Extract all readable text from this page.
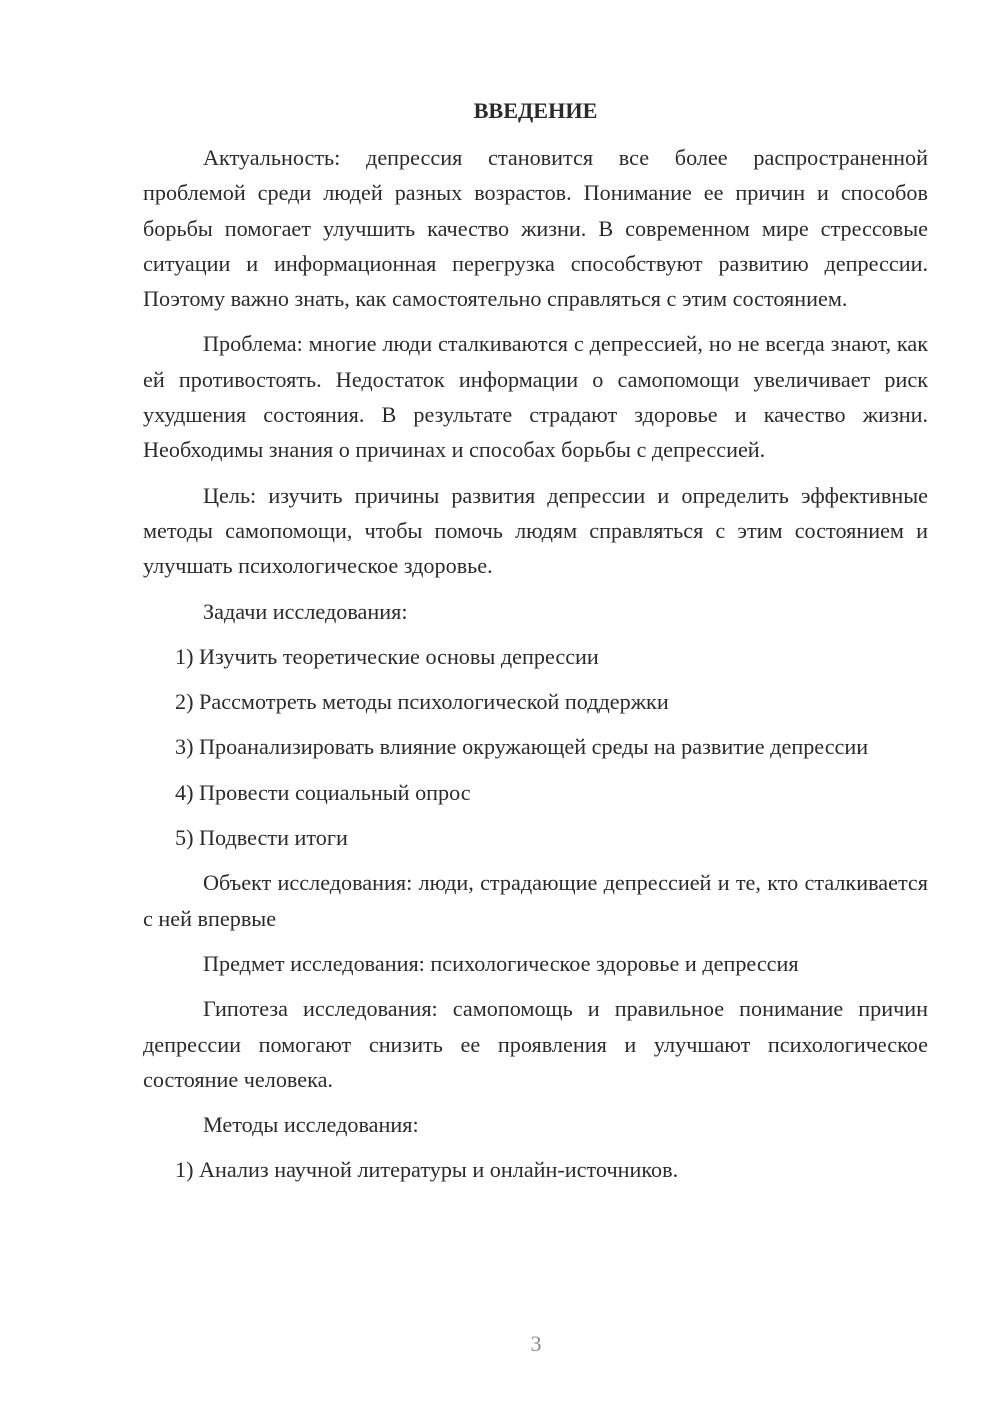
ВВЕДЕНИЕ

Актуальность: депрессия становится все более распространенной проблемой среди людей разных возрастов. Понимание ее причин и способов борьбы помогает улучшить качество жизни. В современном мире стрессовые ситуации и информационная перегрузка способствуют развитию депрессии. Поэтому важно знать, как самостоятельно справляться с этим состоянием.

Проблема: многие люди сталкиваются с депрессией, но не всегда знают, как ей противостоять. Недостаток информации о самопомощи увеличивает риск ухудшения состояния. В результате страдают здоровье и качество жизни. Необходимы знания о причинах и способах борьбы с депрессией.

Цель: изучить причины развития депрессии и определить эффективные методы самопомощи, чтобы помочь людям справляться с этим состоянием и улучшать психологическое здоровье.

Задачи исследования:

1) Изучить теоретические основы депрессии

2) Рассмотреть методы психологической поддержки

3) Проанализировать влияние окружающей среды на развитие депрессии

4) Провести социальный опрос

5) Подвести итоги

Объект исследования: люди, страдающие депрессией и те, кто сталкивается с ней впервые

Предмет исследования: психологическое здоровье и депрессия

Гипотеза исследования: самопомощь и правильное понимание причин депрессии помогают снизить ее проявления и улучшают психологическое состояние человека.

Методы исследования:

1) Анализ научной литературы и онлайн-источников.

3
